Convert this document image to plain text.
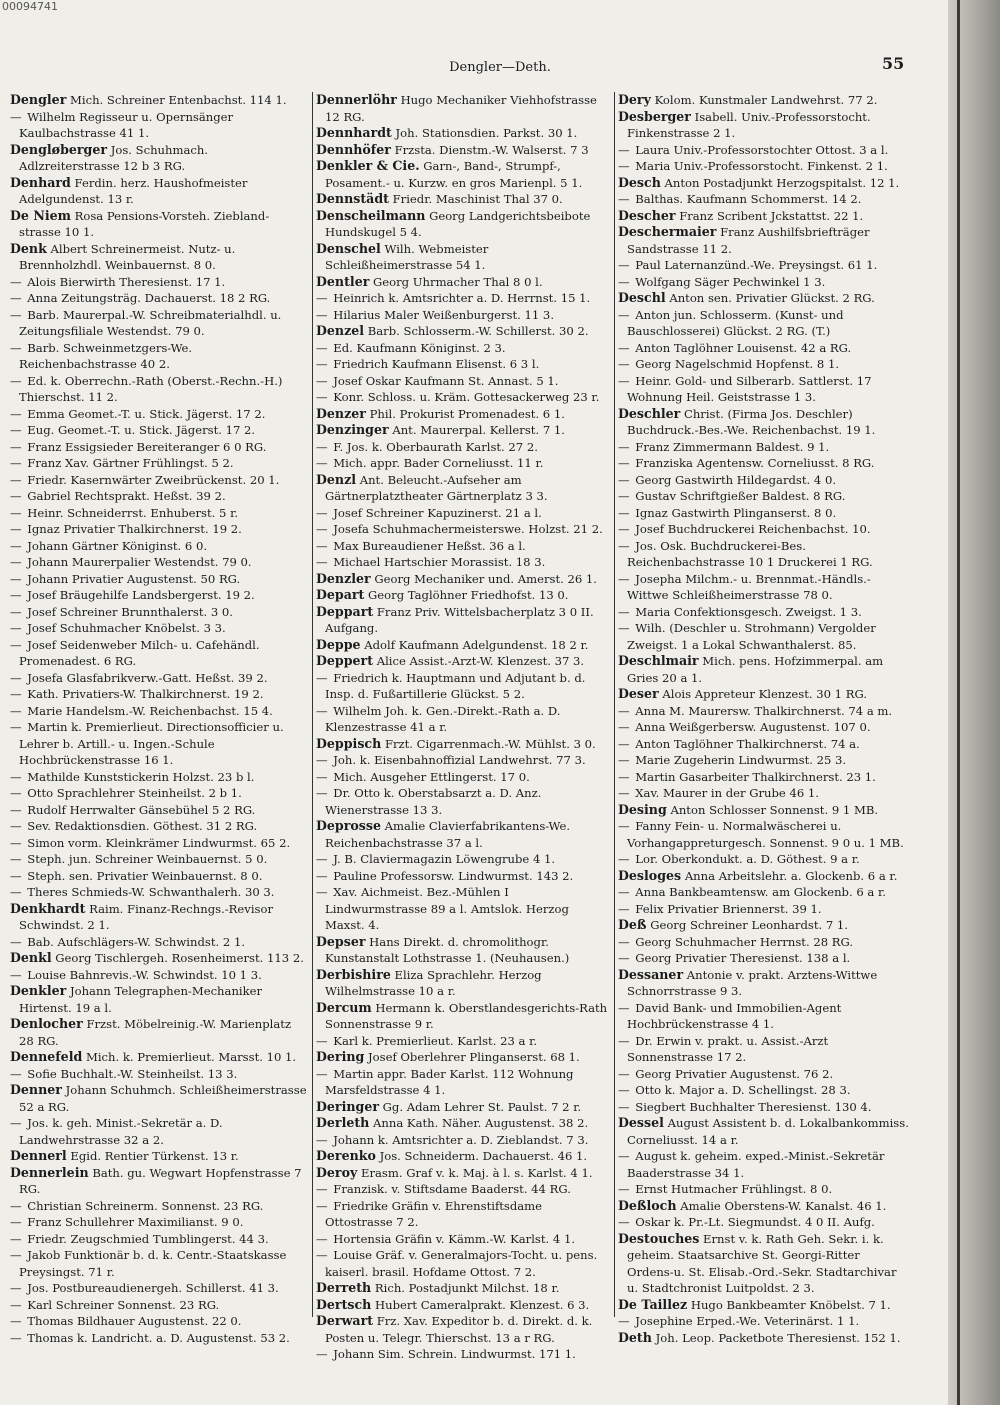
00094741
Dengler—Deth.	55

Dengler Mich. Schreiner Entenbachst. 114 1.

— Wilhelm Regisseur u. Opernsänger Kaulbachstrasse 41 1.

Dengløberger Jos. Schuhmach. Adlzreiterstrasse 12 b 3 RG.

Denhard Ferdin. herz. Haushofmeister Adelgundenst. 13 r.

De Niem Rosa Pensions-Vorsteh. Ziebland-strasse 10 1.

Denk Albert Schreinermeist. Nutz- u. Brennholzhdl. Weinbauernst. 8 0.

— Alois Bierwirth Theresienst. 17 1.

— Anna Zeitungsträg. Dachauerst. 18 2 RG.

— Barb. Maurerpal.-W. Schreibmaterialhdl. u. Zeitungsfiliale Westendst. 79 0.

— Barb. Schweinmetzgers-We. Reichenbachstrasse 40 2.

— Ed. k. Oberrechn.-Rath (Oberst.-Rechn.-H.) Thierschst. 11 2.

— Emma Geomet.-T. u. Stick. Jägerst. 17 2.

— Eug. Geomet.-T. u. Stick. Jägerst. 17 2.

— Franz Essigsieder Bereiteranger 6 0 RG.

— Franz Xav. Gärtner Frühlingst. 5 2.

— Friedr. Kasernwärter Zweibrückenst. 20 1.

— Gabriel Rechtsprakt. Heßst. 39 2.

— Heinr. Schneiderrst. Enhuberst. 5 r.

— Ignaz Privatier Thalkirchnerst. 19 2.

— Johann Gärtner Königinst. 6 0.

— Johann Maurerpalier Westendst. 79 0.

— Johann Privatier Augustenst. 50 RG.

— Josef Bräugehilfe Landsbergerst. 19 2.

— Josef Schreiner Brunnthalerst. 3 0.

— Josef Schuhmacher Knöbelst. 3 3.

— Josef Seidenweber Milch- u. Cafehändl. Promenadest. 6 RG.

— Josefa Glasfabrikverw.-Gatt. Heßst. 39 2.

— Kath. Privatiers-W. Thalkirchnerst. 19 2.

— Marie Handelsm.-W. Reichenbachst. 15 4.

— Martin k. Premierlieut. Directionsofficier u. Lehrer b. Artill.- u. Ingen.-Schule Hochbrückenstrasse 16 1.

— Mathilde Kunststickerin Holzst. 23 b l.

— Otto Sprachlehrer Steinheilst. 2 b 1.

— Rudolf Herrwalter Gänsebühel 5 2 RG.

— Sev. Redaktionsdien. Göthest. 31 2 RG.

— Simon vorm. Kleinkrämer Lindwurmst. 65 2.

— Steph. jun. Schreiner Weinbauernst. 5 0.

— Steph. sen. Privatier Weinbauernst. 8 0.

— Theres Schmieds-W. Schwanthalerh. 30 3.

Denkhardt Raim. Finanz-Rechngs.-Revisor Schwindst. 2 1.

— Bab. Aufschlägers-W. Schwindst. 2 1.

Denkl Georg Tischlergeh. Rosenheimerst. 113 2.

— Louise Bahnrevis.-W. Schwindst. 10 1 3.

Denkler Johann Telegraphen-Mechaniker Hirtenst. 19 a l.

Denlocher Frzst. Möbelreinig.-W. Marienplatz 28 RG.

Dennefeld Mich. k. Premierlieut. Marsst. 10 1.

— Sofie Buchhalt.-W. Steinheilst. 13 3.

Denner Johann Schuhmch. Schleißheimerstrasse 52 a RG.

— Jos. k. geh. Minist.-Sekretär a. D. Landwehrstrasse 32 a 2.

Dennerl Egid. Rentier Türkenst. 13 r.

Dennerlein Bath. gu. Wegwart Hopfenstrasse 7 RG.

— Christian Schreinerm. Sonnenst. 23 RG.

— Franz Schullehrer Maximilianst. 9 0.

— Friedr. Zeugschmied Tumblingerst. 44 3.

— Jakob Funktionär b. d. k. Centr.-Staatskasse Preysingst. 71 r.

— Jos. Postbureaudienergeh. Schillerst. 41 3.

— Karl Schreiner Sonnenst. 23 RG.

— Thomas Bildhauer Augustenst. 22 0.

— Thomas k. Landricht. a. D. Augustenst. 53 2.

Dennerlöhr Hugo Mechaniker Viehhofstrasse 12 RG.

Dennhardt Joh. Stationsdien. Parkst. 30 1.

Dennhöfer Frzsta. Dienstm.-W. Walserst. 7 3

Denkler & Cie. Garn-, Band-, Strumpf-, Posament.- u. Kurzw. en gros Marienpl. 5 1.

Dennstädt Friedr. Maschinist Thal 37 0.

Denscheilmann Georg Landgerichtsbeibote Hundskugel 5 4.

Denschel Wilh. Webmeister Schleißheimerstrasse 54 1.

Dentler Georg Uhrmacher Thal 8 0 l.

— Heinrich k. Amtsrichter a. D. Herrnst. 15 1.

— Hilarius Maler Weißenburgerst. 11 3.

Denzel Barb. Schlosserm.-W. Schillerst. 30 2.

— Ed. Kaufmann Königinst. 2 3.

— Friedrich Kaufmann Elisenst. 6 3 l.

— Josef Oskar Kaufmann St. Annast. 5 1.

— Konr. Schloss. u. Kräm. Gottesackerweg 23 r.

Denzer Phil. Prokurist Promenadest. 6 1.

Denzinger Ant. Maurerpal. Kellerst. 7 1.

— F. Jos. k. Oberbaurath Karlst. 27 2.

— Mich. appr. Bader Corneliusst. 11 r.

Denzl Ant. Beleucht.-Aufseher am Gärtnerplatztheater Gärtnerplatz 3 3.

— Josef Schreiner Kapuzinerst. 21 a l.

— Josefa Schuhmachermeisterswe. Holzst. 21 2.

— Max Bureaudiener Heßst. 36 a l.

— Michael Hartschier Morassist. 18 3.

Denzler Georg Mechaniker und. Amerst. 26 1.

Depart Georg Taglöhner Friedhofst. 13 0.

Deppart Franz Priv. Wittelsbacherplatz 3 0 II. Aufgang.

Deppe Adolf Kaufmann Adelgundenst. 18 2 r.

Deppert Alice Assist.-Arzt-W. Klenzest. 37 3.

— Friedrich k. Hauptmann und Adjutant b. d. Insp. d. Fußartillerie Glückst. 5 2.

— Wilhelm Joh. k. Gen.-Direkt.-Rath a. D. Klenzestrasse 41 a r.

Deppisch Frzt. Cigarrenmach.-W. Mühlst. 3 0.

— Joh. k. Eisenbahnoffizial Landwehrst. 77 3.

— Mich. Ausgeher Ettlingerst. 17 0.

— Dr. Otto k. Oberstabsarzt a. D. Anz. Wienerstrasse 13 3.

Deprosse Amalie Clavierfabrikantens-We. Reichenbachstrasse 37 a l.

— J. B. Claviermagazin Löwengrube 4 1.

— Pauline Professorsw. Lindwurmst. 143 2.

— Xav. Aichmeist. Bez.-Mühlen I Lindwurmstrasse 89 a l. Amtslok. Herzog Maxst. 4.

Depser Hans Direkt. d. chromolithogr. Kunstanstalt Lothstrasse 1. (Neuhausen.)

Derbishire Eliza Sprachlehr. Herzog Wilhelmstrasse 10 a r.

Dercum Hermann k. Oberstlandesgerichts-Rath Sonnenstrasse 9 r.

— Karl k. Premierlieut. Karlst. 23 a r.

Dering Josef Oberlehrer Plinganserst. 68 1.

— Martin appr. Bader Karlst. 112 Wohnung Marsfeldstrasse 4 1.

Deringer Gg. Adam Lehrer St. Paulst. 7 2 r.

Derleth Anna Kath. Näher. Augustenst. 38 2.

— Johann k. Amtsrichter a. D. Zieblandst. 7 3.

Derenko Jos. Schneiderm. Dachauerst. 46 1.

Deroy Erasm. Graf v. k. Maj. à l. s. Karlst. 4 1.

— Franzisk. v. Stiftsdame Baaderst. 44 RG.

— Friedrike Gräfin v. Ehrenstiftsdame Ottostrasse 7 2.

— Hortensia Gräfin v. Kämm.-W. Karlst. 4 1.

— Louise Gräf. v. Generalmajors-Tocht. u. pens. kaiserl. brasil. Hofdame Ottost. 7 2.

Derreth Rich. Postadjunkt Milchst. 18 r.

Dertsch Hubert Cameralprakt. Klenzest. 6 3.

Derwart Frz. Xav. Expeditor b. d. Direkt. d. k. Posten u. Telegr. Thierschst. 13 a r RG.

— Johann Sim. Schrein. Lindwurmst. 171 1.

Dery Kolom. Kunstmaler Landwehrst. 77 2.

Desberger Isabell. Univ.-Professorstocht. Finkenstrasse 2 1.

— Laura Univ.-Professorstochter Ottost. 3 a l.

— Maria Univ.-Professorstocht. Finkenst. 2 1.

Desch Anton Postadjunkt Herzogspitalst. 12 1.

— Balthas. Kaufmann Schommerst. 14 2.

Descher Franz Scribent Jckstattst. 22 1.

Deschermaier Franz Aushilfsbriefträger Sandstrasse 11 2.

— Paul Laternanzünd.-We. Preysingst. 61 1.

— Wolfgang Säger Pechwinkel 1 3.

Deschl Anton sen. Privatier Glückst. 2 RG.

— Anton jun. Schlosserm. (Kunst- und Bauschlosserei) Glückst. 2 RG. (T.)

— Anton Taglöhner Louisenst. 42 a RG.

— Georg Nagelschmid Hopfenst. 8 1.

— Heinr. Gold- und Silberarb. Sattlerst. 17 Wohnung Heil. Geiststrasse 1 3.

Deschler Christ. (Firma Jos. Deschler) Buchdruck.-Bes.-We. Reichenbachst. 19 1.

— Franz Zimmermann Baldest. 9 1.

— Franziska Agentensw. Corneliusst. 8 RG.

— Georg Gastwirth Hildegardst. 4 0.

— Gustav Schriftgießer Baldest. 8 RG.

— Ignaz Gastwirth Plinganserst. 8 0.

— Josef Buchdruckerei Reichenbachst. 10.

— Jos. Osk. Buchdruckerei-Bes. Reichenbachstrasse 10 1 Druckerei 1 RG.

— Josepha Milchm.- u. Brennmat.-Händls.-Wittwe Schleißheimerstrasse 78 0.

— Maria Confektionsgesch. Zweigst. 1 3.

— Wilh. (Deschler u. Strohmann) Vergolder Zweigst. 1 a Lokal Schwanthalerst. 85.

Deschlmair Mich. pens. Hofzimmerpal. am Gries 20 a 1.

Deser Alois Appreteur Klenzest. 30 1 RG.

— Anna M. Maurersw. Thalkirchnerst. 74 a m.

— Anna Weißgerbersw. Augustenst. 107 0.

— Anton Taglöhner Thalkirchnerst. 74 a.

— Marie Zugeherin Lindwurmst. 25 3.

— Martin Gasarbeiter Thalkirchnerst. 23 1.

— Xav. Maurer in der Grube 46 1.

Desing Anton Schlosser Sonnenst. 9 1 MB.

— Fanny Fein- u. Normalwäscherei u. Vorhangappreturgesch. Sonnenst. 9 0 u. 1 MB.

— Lor. Oberkondukt. a. D. Göthest. 9 a r.

Desloges Anna Arbeitslehr. a. Glockenb. 6 a r.

— Anna Bankbeamtensw. am Glockenb. 6 a r.

— Felix Privatier Briennerst. 39 1.

Deß Georg Schreiner Leonhardst. 7 1.

— Georg Schuhmacher Herrnst. 28 RG.

— Georg Privatier Theresienst. 138 a l.

Dessaner Antonie v. prakt. Arztens-Wittwe Schnorrstrasse 9 3.

— David Bank- und Immobilien-Agent Hochbrückenstrasse 4 1.

— Dr. Erwin v. prakt. u. Assist.-Arzt Sonnenstrasse 17 2.

— Georg Privatier Augustenst. 76 2.

— Otto k. Major a. D. Schellingst. 28 3.

— Siegbert Buchhalter Theresienst. 130 4.

Dessel August Assistent b. d. Lokalbankommiss. Corneliusst. 14 a r.

— August k. geheim. exped.-Minist.-Sekretär Baaderstrasse 34 1.

— Ernst Hutmacher Frühlingst. 8 0.

Deßloch Amalie Oberstens-W. Kanalst. 46 1.

— Oskar k. Pr.-Lt. Siegmundst. 4 0 II. Aufg.

Destouches Ernst v. k. Rath Geh. Sekr. i. k. geheim. Staatsarchive St. Georgi-Ritter Ordens-u. St. Elisab.-Ord.-Sekr. Stadtarchivar u. Stadtchronist Luitpoldst. 2 3.

De Taillez Hugo Bankbeamter Knöbelst. 7 1.

— Josephine Erped.-We. Veterinärst. 1 1.

Deth Joh. Leop. Packetbote Theresienst. 152 1.
